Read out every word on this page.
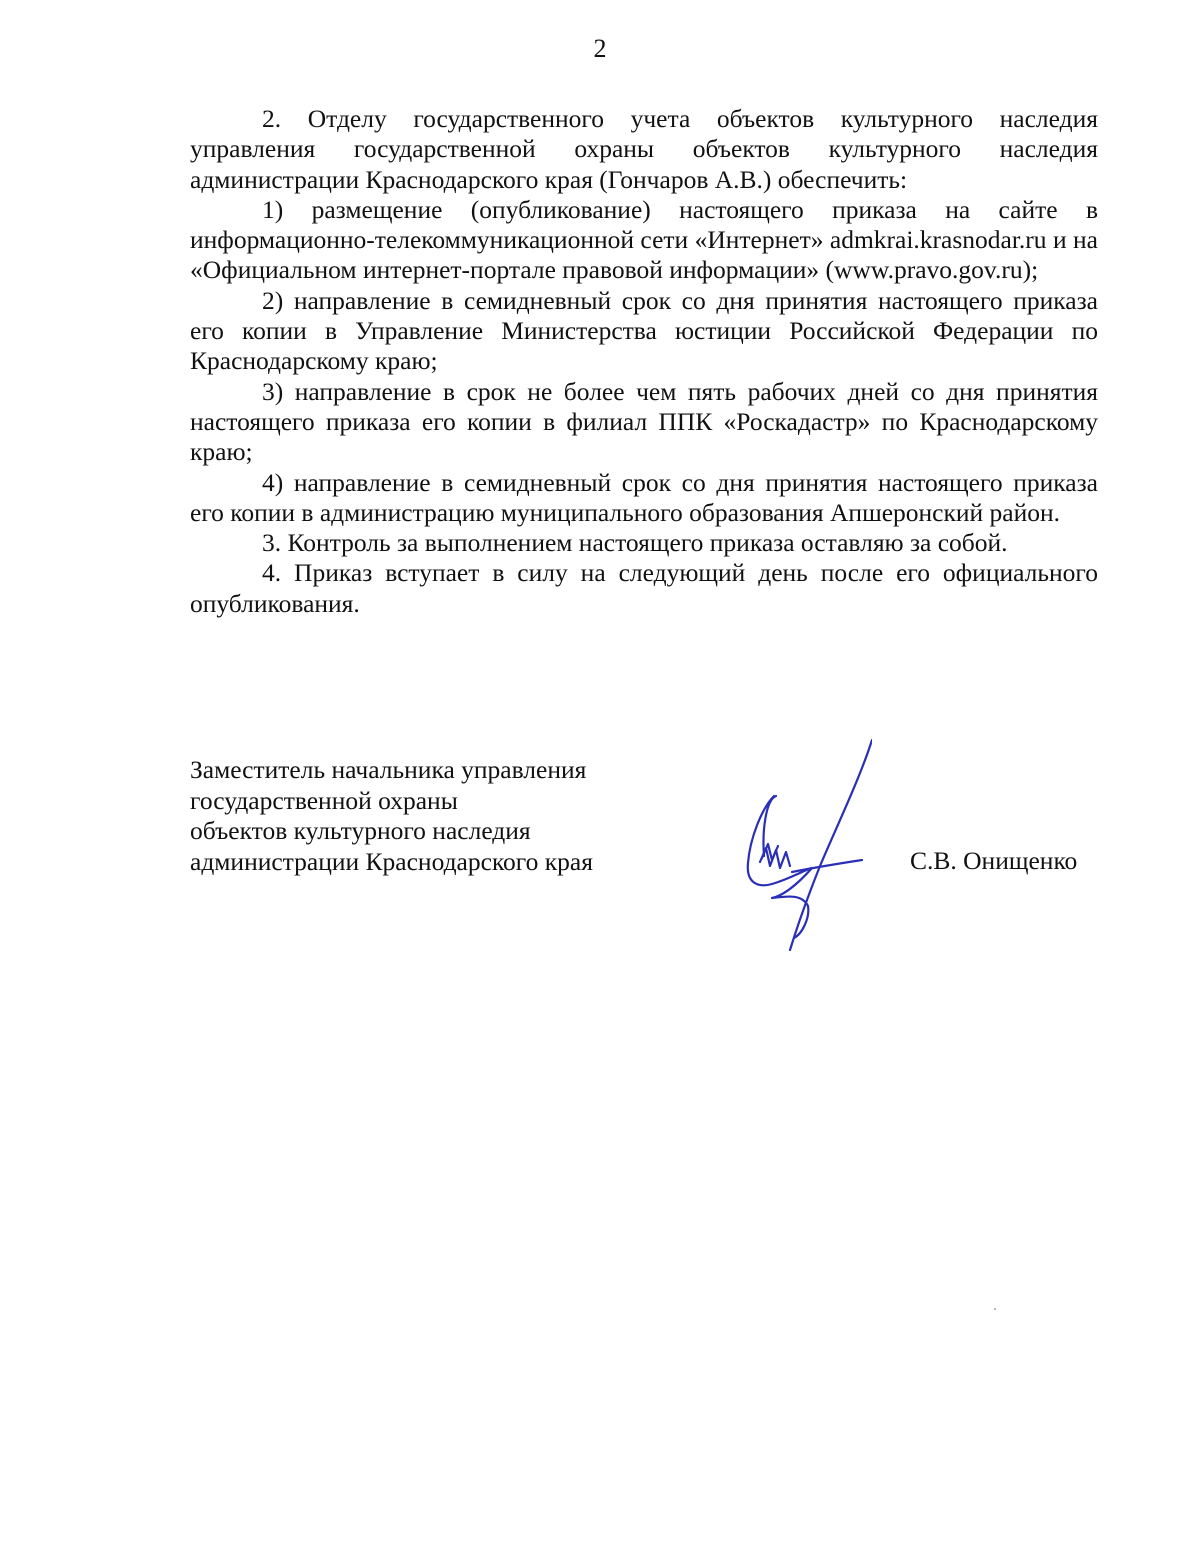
2

2. Отделу государственного учета объектов культурного наследия управления государственной охраны объектов культурного наследия администрации Краснодарского края (Гончаров А.В.) обеспечить:

1) размещение (опубликование) настоящего приказа на сайте в информационно-телекоммуникационной сети «Интернет» admkrai.krasnodar.ru и на «Официальном интернет-портале правовой информации» (www.pravo.gov.ru);

2) направление в семидневный срок со дня принятия настоящего приказа его копии в Управление Министерства юстиции Российской Федерации по Краснодарскому краю;

3) направление в срок не более чем пять рабочих дней со дня принятия настоящего приказа его копии в филиал ППК «Роскадастр» по Краснодарскому краю;

4) направление в семидневный срок со дня принятия настоящего приказа его копии в администрацию муниципального образования Апшеронский район.

3. Контроль за выполнением настоящего приказа оставляю за собой.

4. Приказ вступает в силу на следующий день после его официального опубликования.

Заместитель начальника управления
государственной охраны
объектов культурного наследия
администрации Краснодарского края	С.В. Онищенко
